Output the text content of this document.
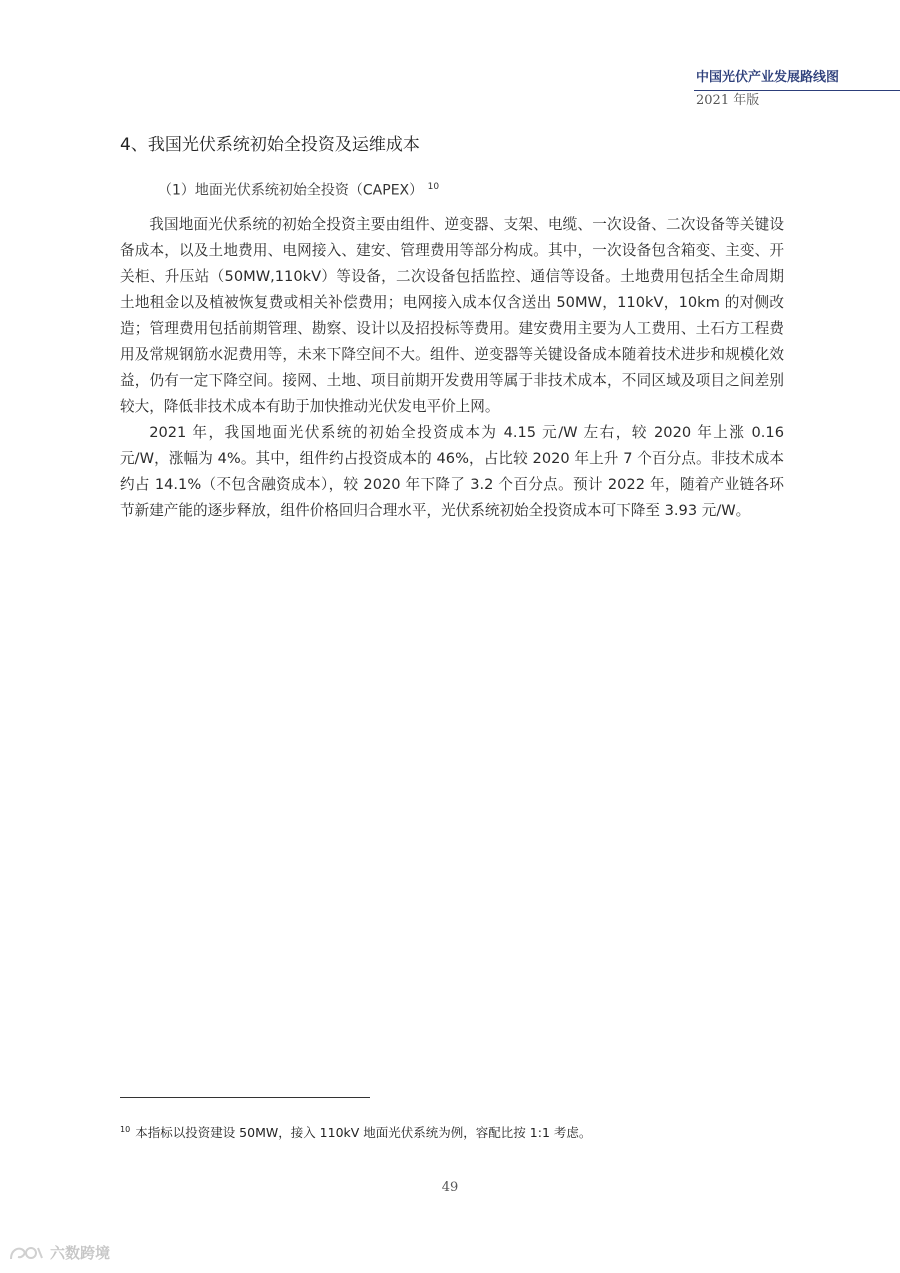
中国光伏产业发展路线图
2021 年版
4、我国光伏系统初始全投资及运维成本
（1）地面光伏系统初始全投资（CAPEX） $^{10}$

我国地面光伏系统的初始全投资主要由组件、逆变器、支架、电缆、一次设备、二次设备等关键设备成本，以及土地费用、电网接入、建安、管理费用等部分构成。其中，一次设备包含箱变、主变、开关柜、升压站（50MW,110kV）等设备，二次设备包括监控、通信等设备。土地费用包括全生命周期土地租金以及植被恢复费或相关补偿费用；电网接入成本仅含送出 50MW，110kV，10km 的对侧改造；管理费用包括前期管理、勘察、设计以及招投标等费用。建安费用主要为人工费用、土石方工程费用及常规钢筋水泥费用等，未来下降空间不大。组件、逆变器等关键设备成本随着技术进步和规模化效益，仍有一定下降空间。接网、土地、项目前期开发费用等属于非技术成本，不同区域及项目之间差别较大，降低非技术成本有助于加快推动光伏发电平价上网。

2021 年，我国地面光伏系统的初始全投资成本为 4.15 元/W 左右，较 2020 年上涨 0.16 元/W，涨幅为 4%。其中，组件约占投资成本的 46%，占比较 2020 年上升 7 个百分点。非技术成本约占 14.1%（不包含融资成本），较 2020 年下降了 3.2 个百分点。预计 2022 年，随着产业链各环节新建产能的逐步释放，组件价格回归合理水平，光伏系统初始全投资成本可下降至 3.93 元/W。

$^{10}$ 本指标以投资建设 50MW，接入 110kV 地面光伏系统为例，容配比按 1:1 考虑。
49
六数跨境
